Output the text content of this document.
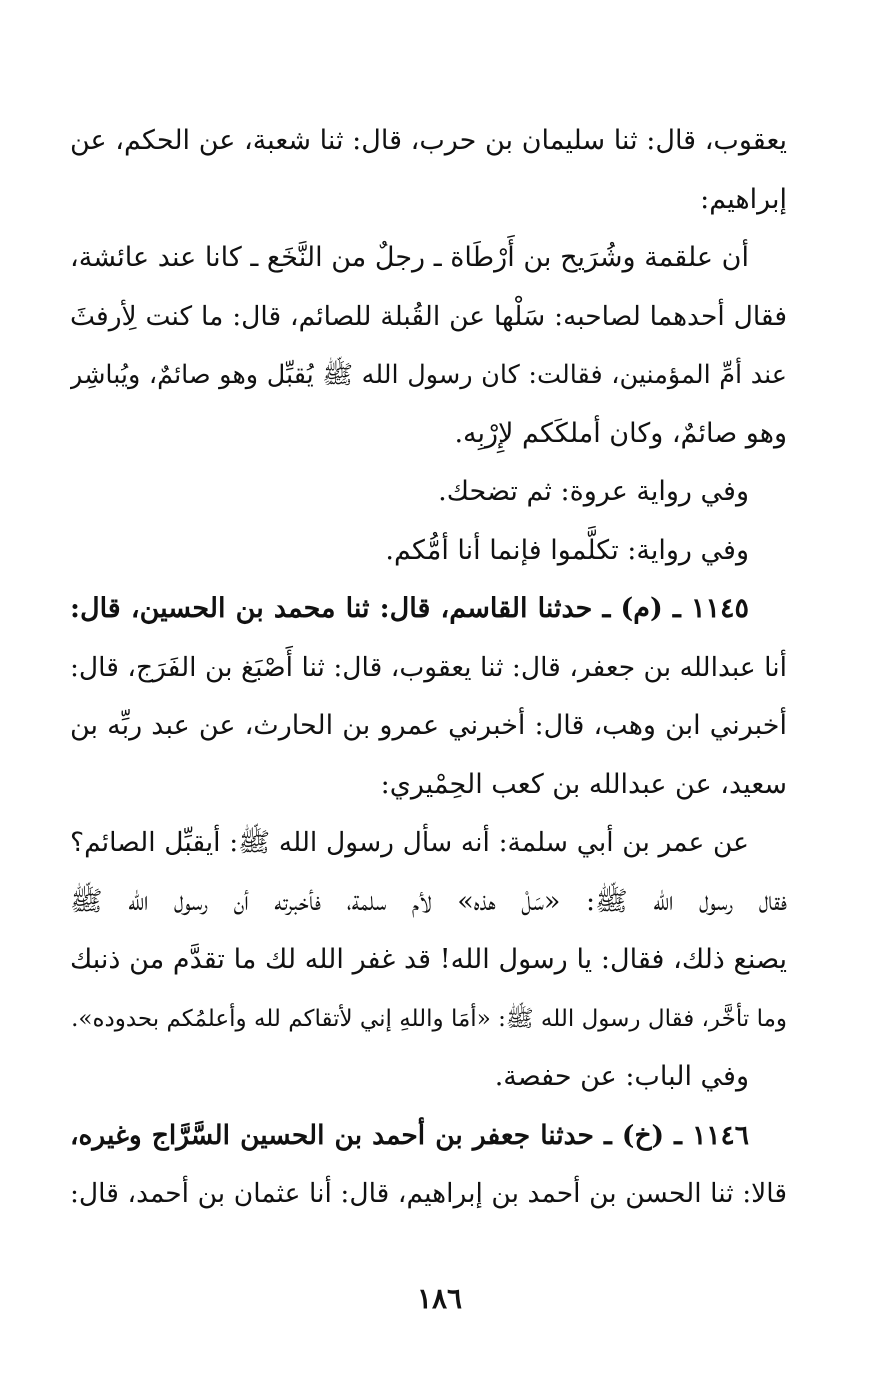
يعقوب، قال: ثنا سليمان بن حرب، قال: ثنا شعبة، عن الحكم، عن
إبراهيم:
أن علقمة وشُرَيح بن أَرْطَاة ـ رجلٌ من النَّخَع ـ كانا عند عائشة،
فقال أحدهما لصاحبه: سَلْها عن القُبلة للصائم، قال: ما كنت لِأرفثَ
عند أمِّ المؤمنين، فقالت: كان رسول الله ﷺ يُقبِّل وهو صائمٌ، ويُباشِر
وهو صائمٌ، وكان أملكَكم لإِرْبِه.
وفي رواية عروة: ثم تضحك.
وفي رواية: تكلَّموا فإنما أنا أمُّكم.
١١٤٥ ـ (م) ـ حدثنا القاسم، قال: ثنا محمد بن الحسين، قال:
أنا عبدالله بن جعفر، قال: ثنا يعقوب، قال: ثنا أَصْبَغ بن الفَرَج، قال:
أخبرني ابن وهب، قال: أخبرني عمرو بن الحارث، عن عبد ربِّه بن
سعيد، عن عبدالله بن كعب الحِمْيري:
عن عمر بن أبي سلمة: أنه سأل رسول الله ﷺ: أيقبِّل الصائم؟
فقال رسول الله ﷺ: «سَلْ هذه» لأم سلمة، فأخبرته أن رسول الله ﷺ
يصنع ذلك، فقال: يا رسول الله! قد غفر الله لك ما تقدَّم من ذنبك
وما تأخَّر، فقال رسول الله ﷺ: «أمَا واللهِ إني لأتقاكم لله وأعلمُكم بحدوده».
وفي الباب: عن حفصة.
١١٤٦ ـ (خ) ـ حدثنا جعفر بن أحمد بن الحسين السَّرَّاج وغيره،
قالا: ثنا الحسن بن أحمد بن إبراهيم، قال: أنا عثمان بن أحمد، قال:
١٨٦
